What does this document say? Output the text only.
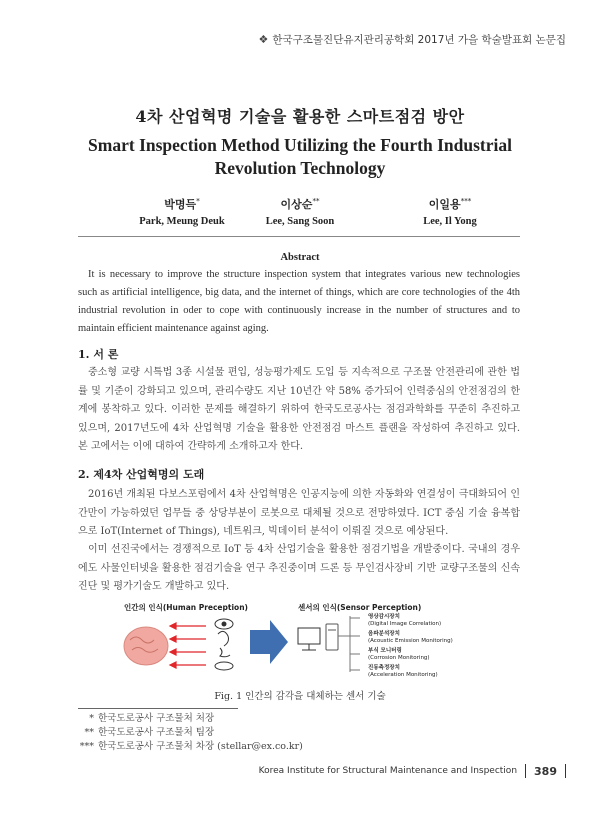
❖ 한국구조물진단유지관리공학회 2017년 가을 학술발표회 논문집
4차 산업혁명 기술을 활용한 스마트점검 방안
Smart Inspection Method Utilizing the Fourth Industrial
Revolution Technology
박명득*
Park, Meung Deuk
이상순**
Lee, Sang Soon
이일용***
Lee, Il Yong
Abstract
It is necessary to improve the structure inspection system that integrates various new technologies such as artificial intelligence, big data, and the internet of things, which are core technologies of the 4th industrial revolution in oder to cope with continuously increase in the number of structures and to maintain efficient maintenance against aging.
1. 서 론
중소형 교량 시특법 3종 시설물 편입, 성능평가제도 도입 등 지속적으로 구조물 안전관리에 관한 법률 및 기준이 강화되고 있으며, 관리수량도 지난 10년간 약 58% 증가되어 인력중심의 안전점검의 한계에 봉착하고 있다. 이러한 문제를 해결하기 위하여 한국도로공사는 점검과학화를 꾸준히 추진하고 있으며, 2017년도에 4차 산업혁명 기술을 활용한 안전점검 마스트 플랜을 작성하여 추진하고 있다. 본 고에서는 이에 대하여 간략하게 소개하고자 한다.
2. 제4차 산업혁명의 도래
2016년 개최된 다보스포럼에서 4차 산업혁명은 인공지능에 의한 자동화와 연결성이 극대화되어 인간만이 가능하였던 업무들 중 상당부분이 로봇으로 대체될 것으로 전망하였다. ICT 중심 기술 융복합으로 IoT(Internet of Things), 네트워크, 빅데이터 분석이 이뤄질 것으로 예상된다.
이미 선진국에서는 경쟁적으로 IoT 등 4차 산업기술을 활용한 점검기법을 개발중이다. 국내의 경우에도 사물인터넷을 활용한 점검기술을 연구 추진중이며 드론 등 무인검사장비 기반 교량구조물의 신속진단 및 평가기술도 개발하고 있다.
인간의 인식(Human Preception)	센서의 인식(Sensor Perception)
영상감시장치
(Digital Image Correlation)
음파분석장치
(Acoustic Emission Monitoring)
부식 모니터링
(Corrosion Monitoring)
진동측정장치
(Acceleration Monitoring)
Fig. 1 인간의 감각을 대체하는 센서 기술
* 한국도로공사 구조물처 처장
** 한국도로공사 구조물처 팀장
*** 한국도로공사 구조물처 차장 (stellar@ex.co.kr)
Korea Institute for Structural Maintenance and Inspection 389
